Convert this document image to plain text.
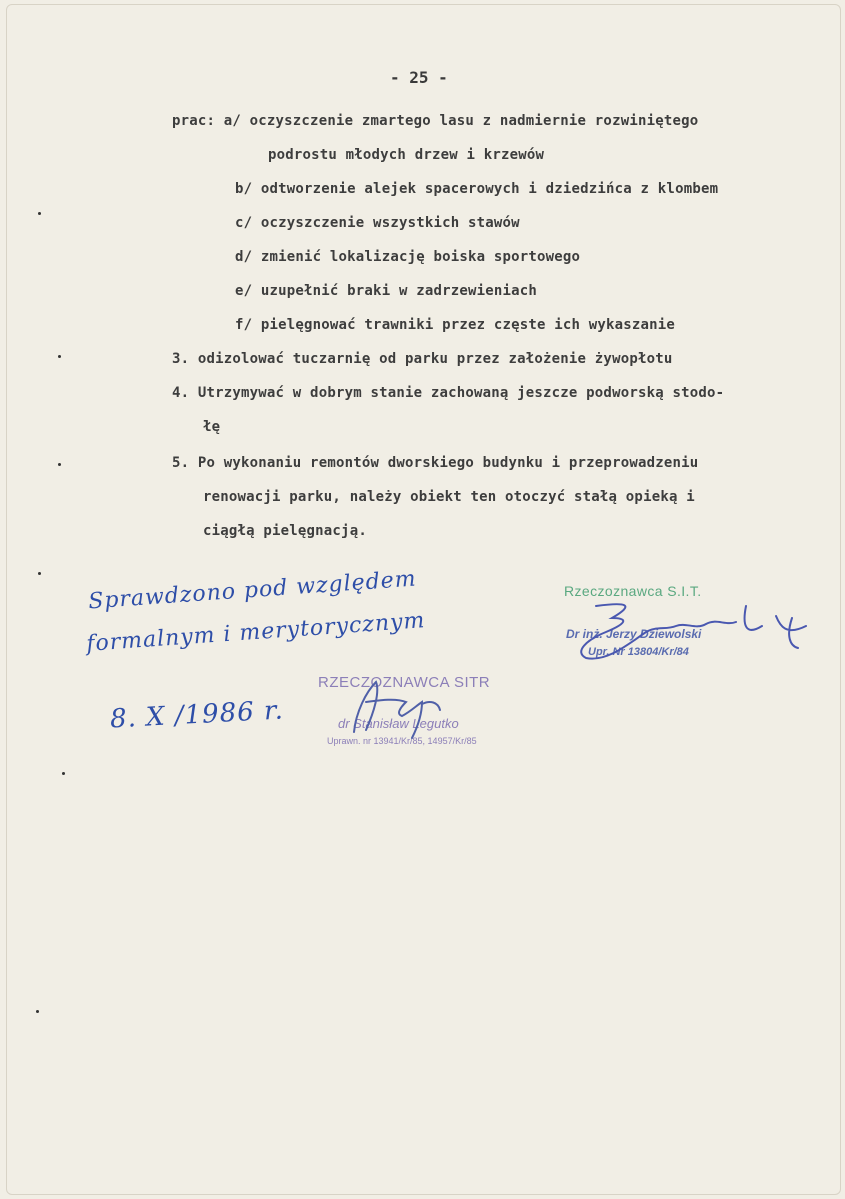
- 25 -
prac: a/ oczyszczenie zmartego lasu z nadmiernie rozwiniętego
podrostu młodych drzew i krzewów
b/ odtworzenie alejek spacerowych i dziedzińca z klombem
c/ oczyszczenie wszystkich stawów
d/ zmienić lokalizację boiska sportowego
e/ uzupełnić braki w zadrzewieniach
f/ pielęgnować trawniki przez częste ich wykaszanie
3. odizolować tuczarnię od parku przez założenie żywopłotu
4. Utrzymywać w dobrym stanie zachowaną jeszcze podworską stodo-
łę
5. Po wykonaniu remontów dworskiego budynku i przeprowadzeniu
renowacji parku, należy obiekt ten otoczyć stałą opieką i
ciągłą pielęgnacją.
Sprawdzono pod względem
formalnym i merytorycznym
8. X /1986 r.
RZECZOZNAWCA SITR
dr Stanisław Legutko
Uprawn. nr 13941/Kr/85, 14957/Kr/85
Rzeczoznawca S.I.T.
Dr inż. Jerzy Dziewolski
Upr. Nr 13804/Kr/84
